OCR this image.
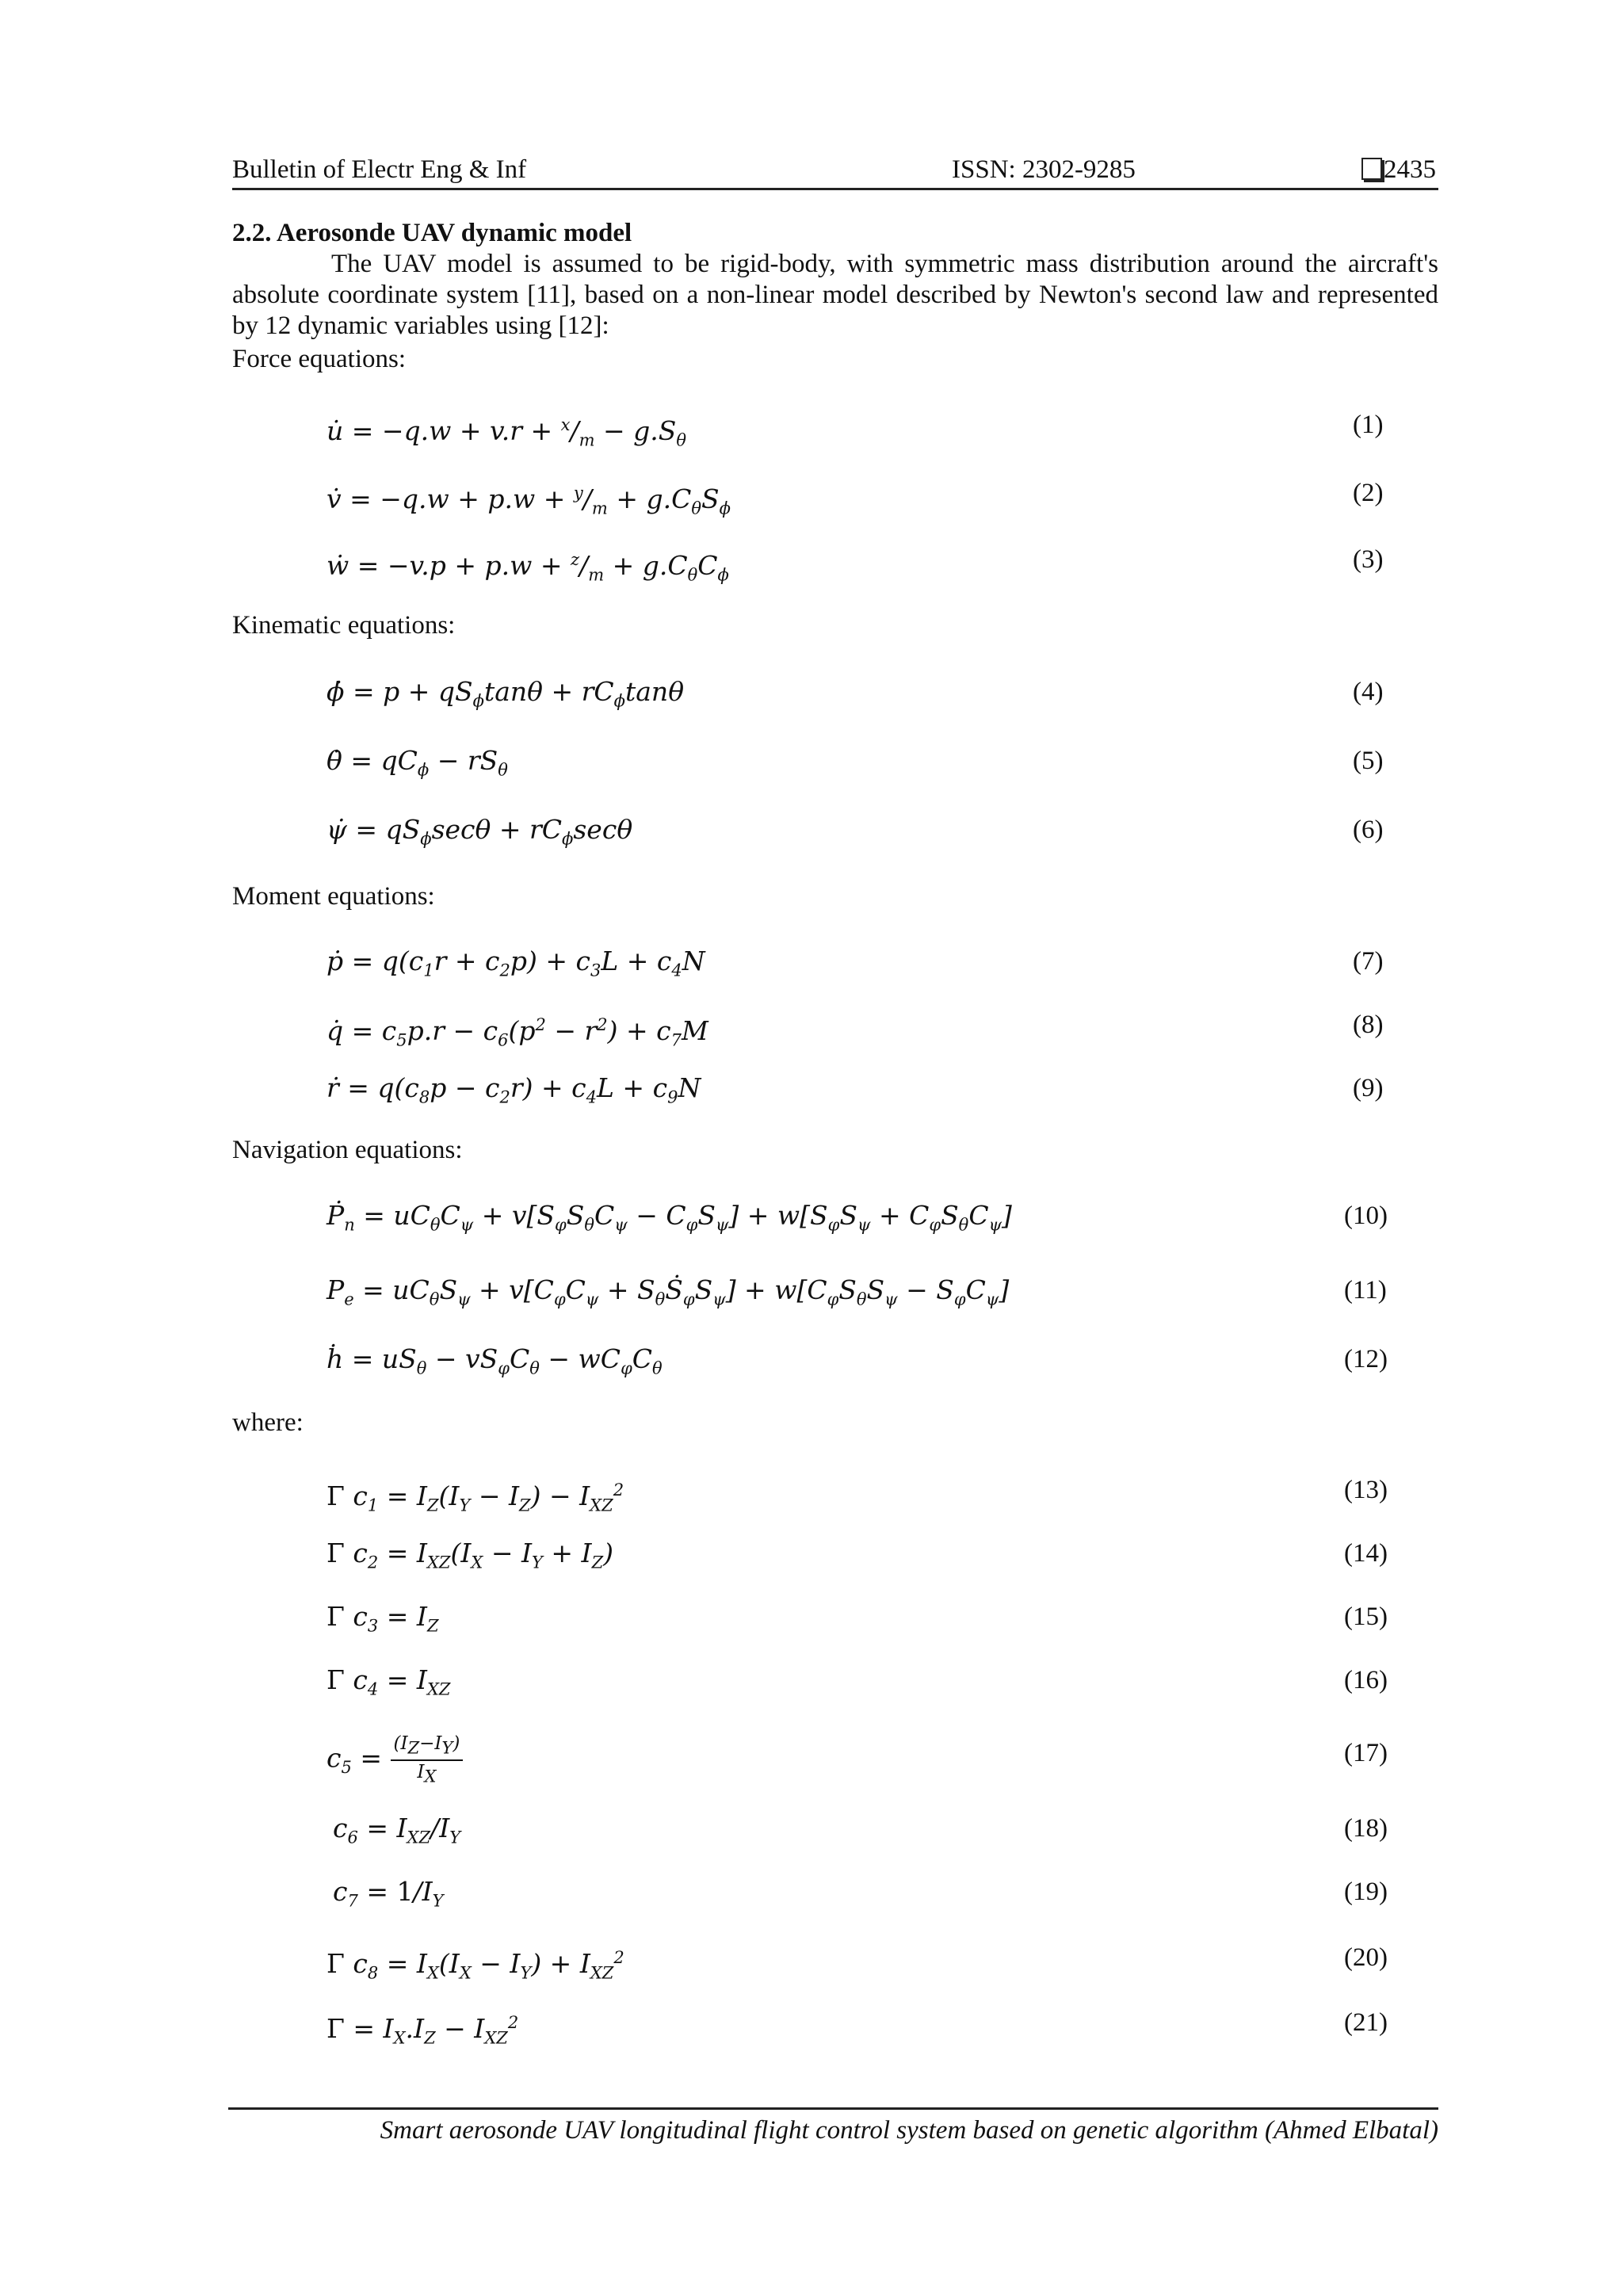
Bulletin of Electr Eng & Inf	ISSN: 2302-9285	2435
2.2. Aerosonde UAV dynamic model
The UAV model is assumed to be rigid-body, with symmetric mass distribution around the aircraft's absolute coordinate system [11], based on a non-linear model described by Newton's second law and represented by 12 dynamic variables using [12]:
Force equations:
u̇ = $-q.w + v.r + ^x/_m - g.S_\theta$
v̇ = $-q.w + p.w + ^y/_m + g.C_\theta S_\phi$
ẇ = $-v.p + p.w + ^z/_m + g.C_\theta C_\phi$
Kinematic equations:
ϕ̇ = $p + qS_\phi\tan\theta + rC_\phi\tan\theta$
θ̇ = $qC_\phi - rS_\theta$
ψ̇ = $qS_\phi\sec\theta + rC_\phi\sec\theta$
Moment equations:
ṗ = $q(c_1r + c_2p) + c_3L + c_4N$
q̇ = $c_5p.r - c_6(p^2 - r^2) + c_7M$
ṙ = $q(c_8p - c_2r) + c_4L + c_9N$
Navigation equations:
$Ṗ_n = uC_\theta C_\psi + v[S_\varphi S_\theta C_\psi - C_\varphi S_\psi] + w[S_\varphi S_\psi + C_\varphi S_\theta C_\psi]$
$P_e = uC_\theta S_\psi + v[C_\varphi C_\psi$ + $S_\theta Ṡ_\varphi S_\psi] + w[C_\varphi S_\theta S_\psi - S_\varphi C_\psi]$
ḣ = $uS_\theta - vS_\varphi C_\theta - wC_\varphi C_\theta$
where:
Γ $c_1 = I_Z(I_Y - I_Z) - I_{XZ}^2$
Γ $c_2 = I_{XZ}(I_X - I_Y + I_Z)$
Γ $c_3 = I_Z$
Γ $c_4 = I_{XZ}$
$c_5 = \frac{(I_Z-I_Y)}{I_X}$
$c_6 = I_{XZ}/I_Y$
$c_7 = 1/I_Y$
Γ $c_8 = I_X(I_X - I_Y) + I_{XZ}^2$
$\Gamma = I_X.I_Z - I_{XZ}^2$
(1)
(2)
(3)
(4)
(5)
(6)
(7)
(8)
(9)
(10)
(11)
(12)
(13)
(14)
(15)
(16)
(17)
(18)
(19)
(20)
(21)
Smart aerosonde UAV longitudinal flight control system based on genetic algorithm (Ahmed Elbatal)
